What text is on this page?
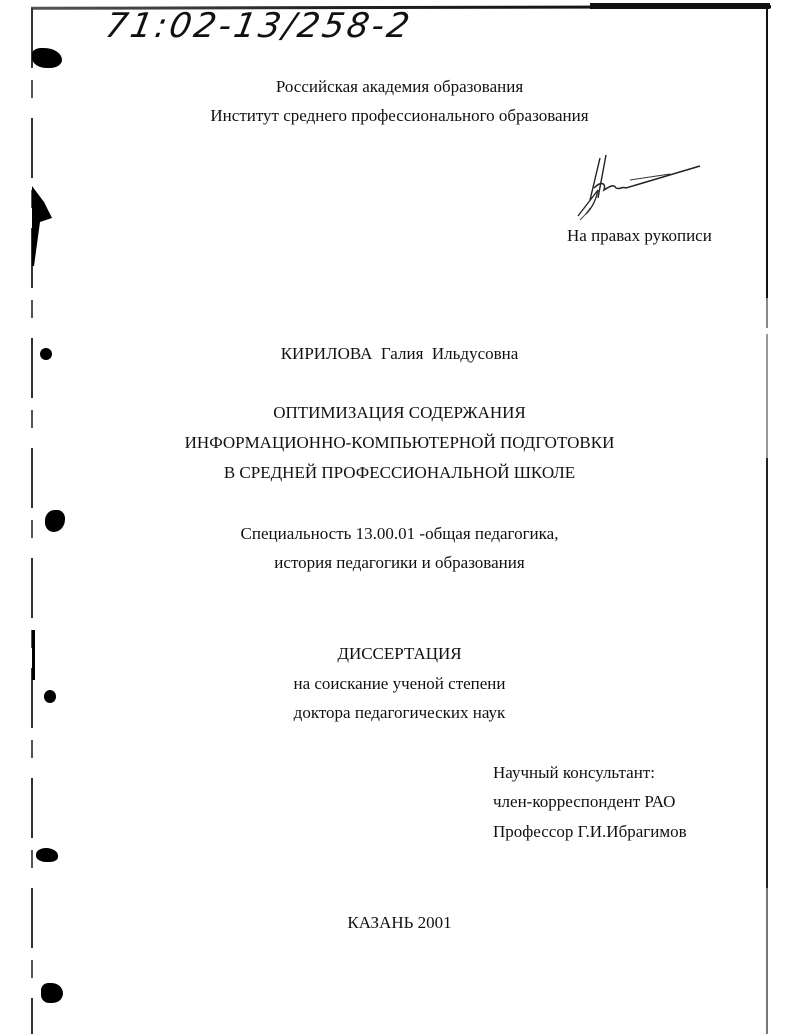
71:02-13/258-2
Российская академия образования
Институт среднего профессионального образования
На правах рукописи
КИРИЛОВА  Галия  Ильдусовна
ОПТИМИЗАЦИЯ СОДЕРЖАНИЯ
ИНФОРМАЦИОННО-КОМПЬЮТЕРНОЙ ПОДГОТОВКИ
В СРЕДНЕЙ ПРОФЕССИОНАЛЬНОЙ ШКОЛЕ
Специальность 13.00.01 -общая педагогика,
история педагогики и образования
ДИССЕРТАЦИЯ
на соискание ученой степени
доктора педагогических наук
Научный консультант:
член-корреспондент РАО
Профессор Г.И.Ибрагимов
КАЗАНЬ 2001
